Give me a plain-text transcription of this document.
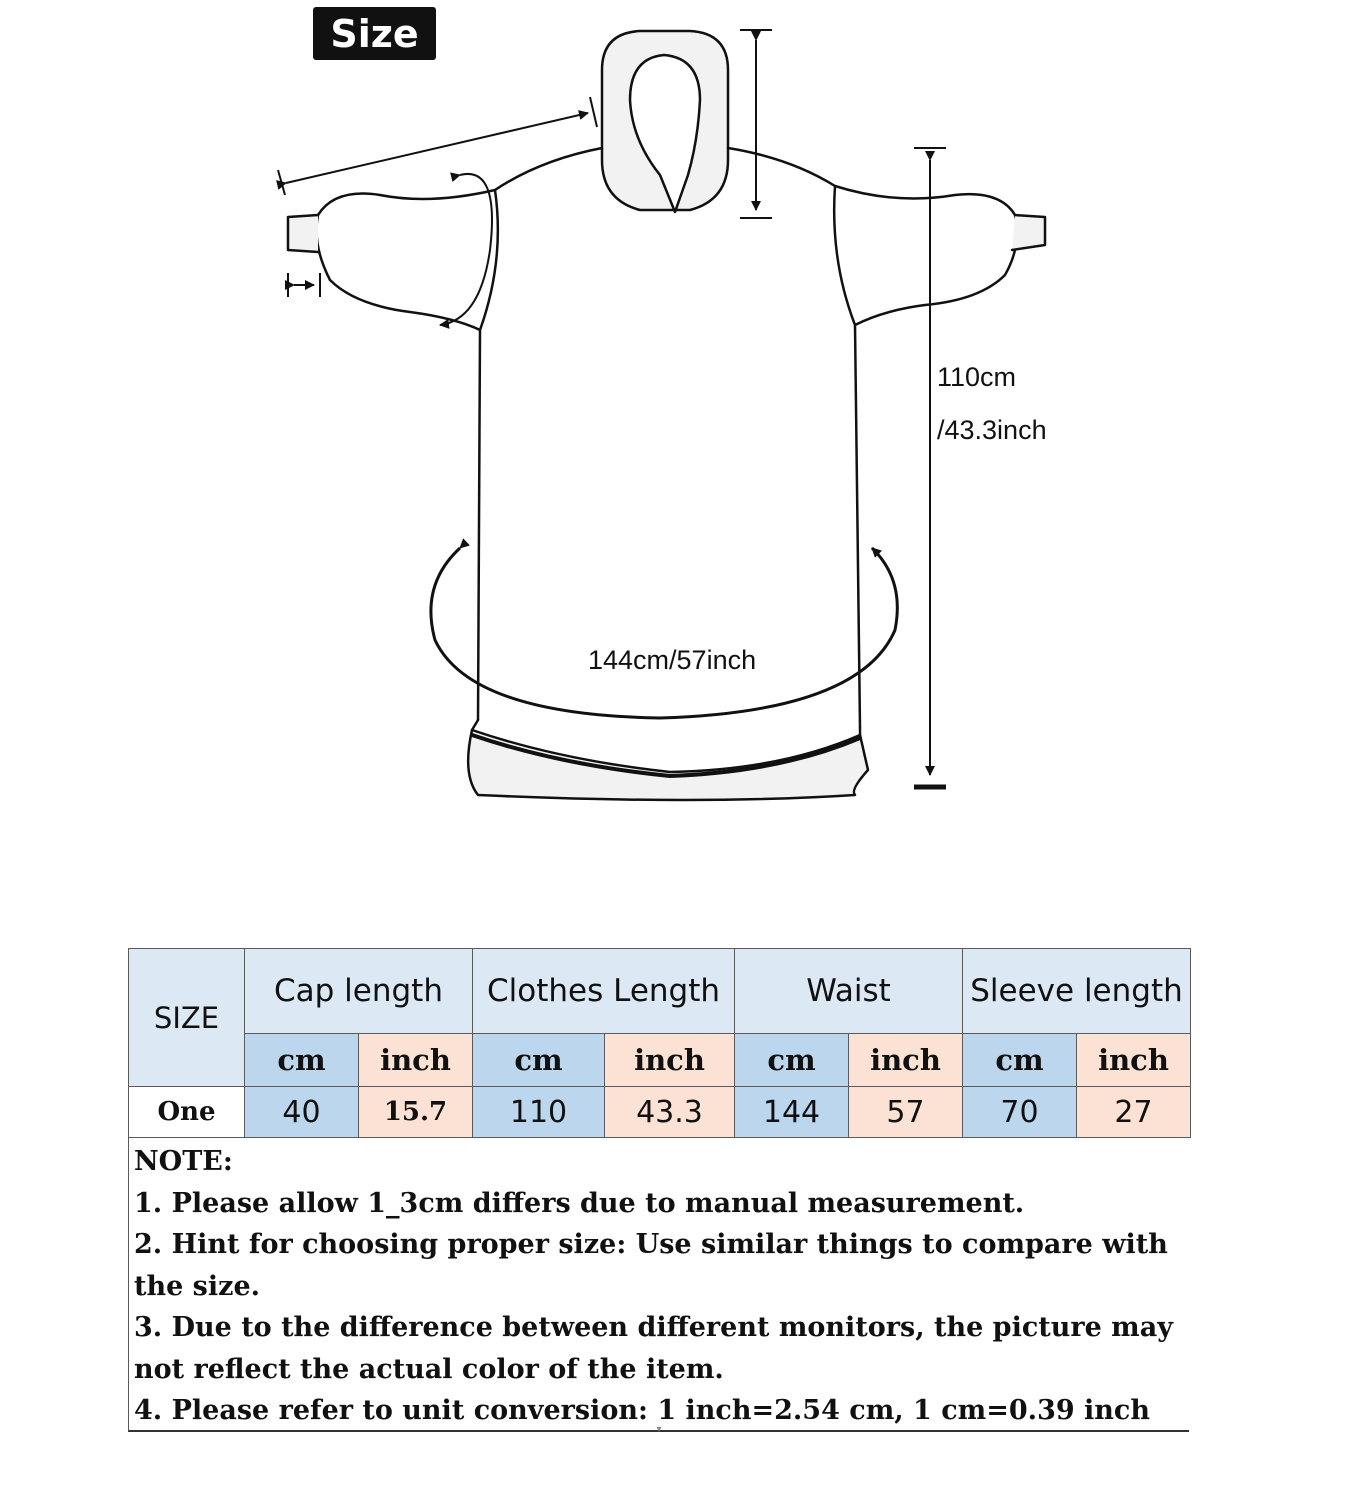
Size
110cm
/43.3inch
144cm/57inch
SIZE	Cap length		Clothes Length		Waist		Sleeve length	
	cm	inch	cm	inch	cm	inch	cm	inch
One	40	15.7	110	43.3	144	57	70	27
NOTE:
1. Please allow 1_3cm differs due to manual measurement.
2. Hint for choosing proper size: Use similar things to compare with the size.
3. Due to the difference between different monitors, the picture may not reflect the actual color of the item.
4. Please refer to unit conversion: 1 inch=2.54 cm, 1 cm=0.39 inch
▾
